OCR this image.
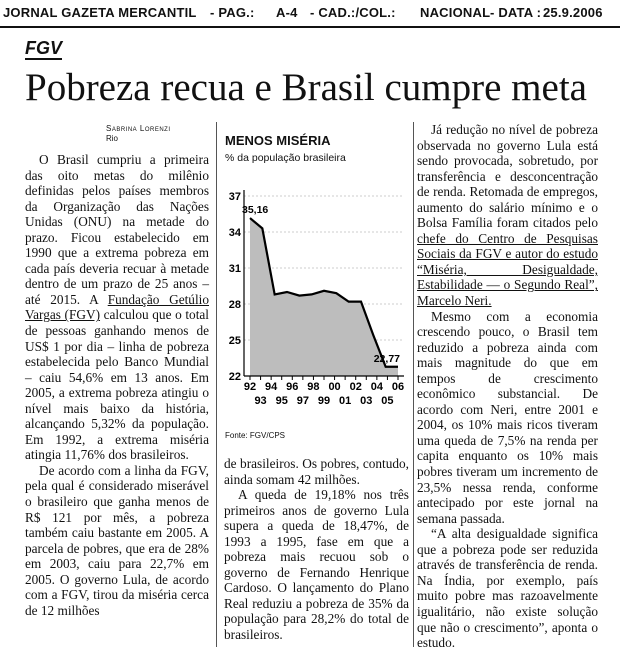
JORNAL GAZETA MERCANTIL - PAG.: A-4 - CAD.:/COL.: NACIONAL - DATA : 25.9.2006
FGV
Pobreza recua e Brasil cumpre meta
Sabrina Lorenzi
Rio

O Brasil cumpriu a primeira das oito metas do milênio definidas pelos países membros da Organização das Nações Unidas (ONU) na metade do prazo. Ficou estabelecido em 1990 que a extrema pobreza em cada país deveria recuar à metade dentro de um prazo de 25 anos – até 2015. A Fundação Getúlio Vargas (FGV) calculou que o total de pessoas ganhando menos de US$ 1 por dia – linha de pobreza estabelecida pelo Banco Mundial – caiu 54,6% em 13 anos. Em 2005, a extrema pobreza atingiu o nível mais baixo da história, alcançando 5,32% da população. Em 1992, a extrema miséria atingia 11,76% dos brasileiros.

De acordo com a linha da FGV, pela qual é considerado miserável o brasileiro que ganha menos de R$ 121 por mês, a pobreza também caiu bastante em 2005. A parcela de pobres, que era de 28% em 2003, caiu para 22,7% em 2005. O governo Lula, de acordo com a FGV, tirou da miséria cerca de 12 milhões

MENOS MISÉRIA
% da população brasileira
22
25
28
31
34
37
92 94 96 98 00 02 04 06
93 95 97 99 01 03 05
35,16
22,77
Fonte: FGV/CPS

de brasileiros. Os pobres, contudo, ainda somam 42 milhões.

A queda de 19,18% nos três primeiros anos de governo Lula supera a queda de 18,47%, de 1993 a 1995, fase em que a pobreza mais recuou sob o governo de Fernando Henrique Cardoso. O lançamento do Plano Real reduziu a pobreza de 35% da população para 28,2% do total de brasileiros.

Já redução no nível de pobreza observada no governo Lula está sendo provocada, sobretudo, por transferência e desconcentração de renda. Retomada de empregos, aumento do salário mínimo e o Bolsa Família foram citados pelo chefe do Centro de Pesquisas Sociais da FGV e autor do estudo “Miséria, Desigualdade, Estabilidade — o Segundo Real”, Marcelo Neri.

Mesmo com a economia crescendo pouco, o Brasil tem reduzido a pobreza ainda com mais magnitude do que em tempos de crescimento econômico substancial. De acordo com Neri, entre 2001 e 2004, os 10% mais ricos tiveram uma queda de 7,5% na renda per capita enquanto os 10% mais pobres tiveram um incremento de 23,5% nessa renda, conforme antecipado por este jornal na semana passada.

“A alta desigualdade significa que a pobreza pode ser reduzida através de transferência de renda. Na Índia, por exemplo, país muito pobre mas razoavelmente igualitário, não existe solução que não o crescimento”, aponta o estudo.
